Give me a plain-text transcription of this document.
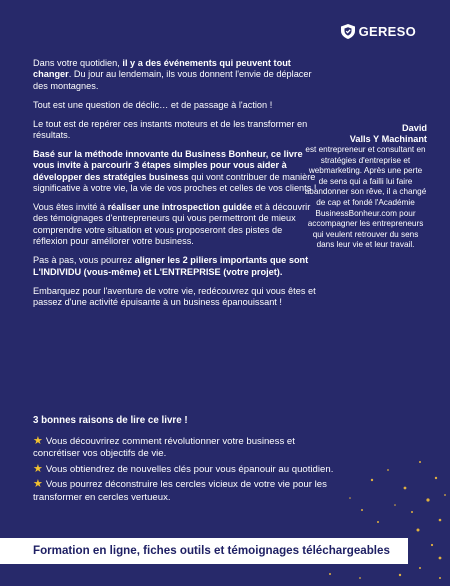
GERESO

Dans votre quotidien, il y a des événements qui peuvent tout changer. Du jour au lendemain, ils vous donnent l'envie de déplacer des montagnes.

Tout est une question de déclic… et de passage à l'action !

Le tout est de repérer ces instants moteurs et de les transformer en résultats.

Basé sur la méthode innovante du Business Bonheur, ce livre vous invite à parcourir 3 étapes simples pour vous aider à développer des stratégies business qui vont contribuer de manière significative à votre vie, la vie de vos proches et celles de vos clients !

Vous êtes invité à réaliser une introspection guidée et à découvrir des témoignages d'entrepreneurs qui vous permettront de mieux comprendre votre situation et vous proposeront des pistes de réflexion pour améliorer votre business.

Pas à pas, vous pourrez aligner les 2 piliers importants que sont L'INDIVIDU (vous-même) et L'ENTREPRISE (votre projet).

Embarquez pour l'aventure de votre vie, redécouvrez qui vous êtes et passez d'une activité épuisante à un business épanouissant !

David
Valls Y Machinant
est entrepreneur et consultant en stratégies d'entreprise et webmarketing. Après une perte de sens qui a failli lui faire abandonner son rêve, il a changé de cap et fondé l'Académie BusinessBonheur.com pour accompagner les entrepreneurs qui veulent retrouver du sens dans leur vie et leur travail.
3 bonnes raisons de lire ce livre !
★ Vous découvrirez comment révolutionner votre business et concrétiser vos objectifs de vie.
★ Vous obtiendrez de nouvelles clés pour vous épanouir au quotidien.
★ Vous pourrez déconstruire les cercles vicieux de votre vie pour les transformer en cercles vertueux.
Formation en ligne, fiches outils et témoignages téléchargeables
